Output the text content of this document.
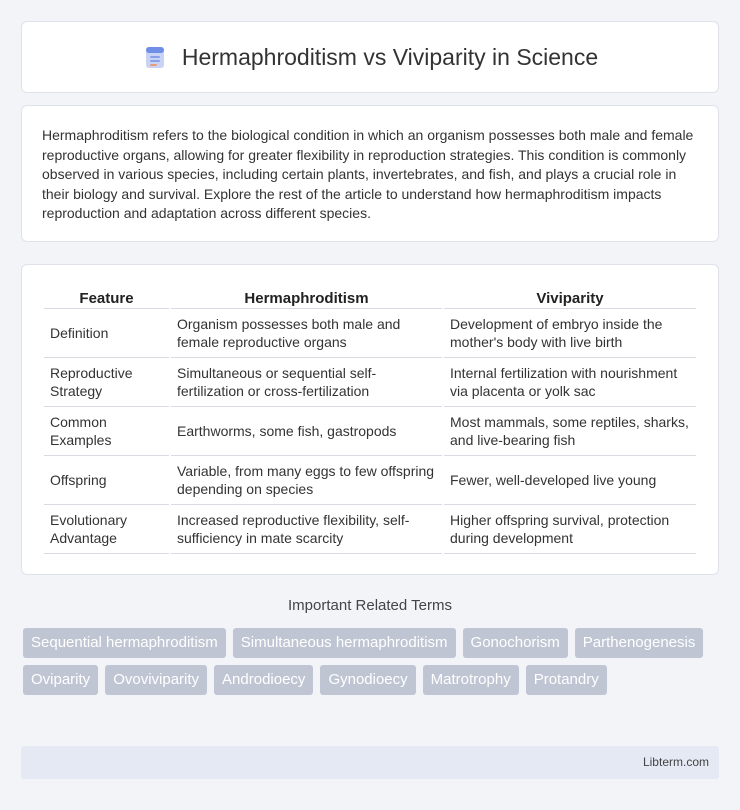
Hermaphroditism vs Viviparity in Science

Hermaphroditism refers to the biological condition in which an organism possesses both male and female reproductive organs, allowing for greater flexibility in reproduction strategies. This condition is commonly observed in various species, including certain plants, invertebrates, and fish, and plays a crucial role in their biology and survival. Explore the rest of the article to understand how hermaphroditism impacts reproduction and adaptation across different species.

Feature	Hermaphroditism	Viviparity
Definition	Organism possesses both male and female reproductive organs	Development of embryo inside the mother's body with live birth
Reproductive Strategy	Simultaneous or sequential self-fertilization or cross-fertilization	Internal fertilization with nourishment via placenta or yolk sac
Common Examples	Earthworms, some fish, gastropods	Most mammals, some reptiles, sharks, and live-bearing fish
Offspring	Variable, from many eggs to few offspring depending on species	Fewer, well-developed live young
Evolutionary Advantage	Increased reproductive flexibility, self-sufficiency in mate scarcity	Higher offspring survival, protection during development
Important Related Terms
Sequential hermaphroditism	Simultaneous hermaphroditism	Gonochorism	Parthenogenesis
Oviparity	Ovoviviparity	Androdioecy	Gynodioecy	Matrotrophy	Protandry
Libterm.com
